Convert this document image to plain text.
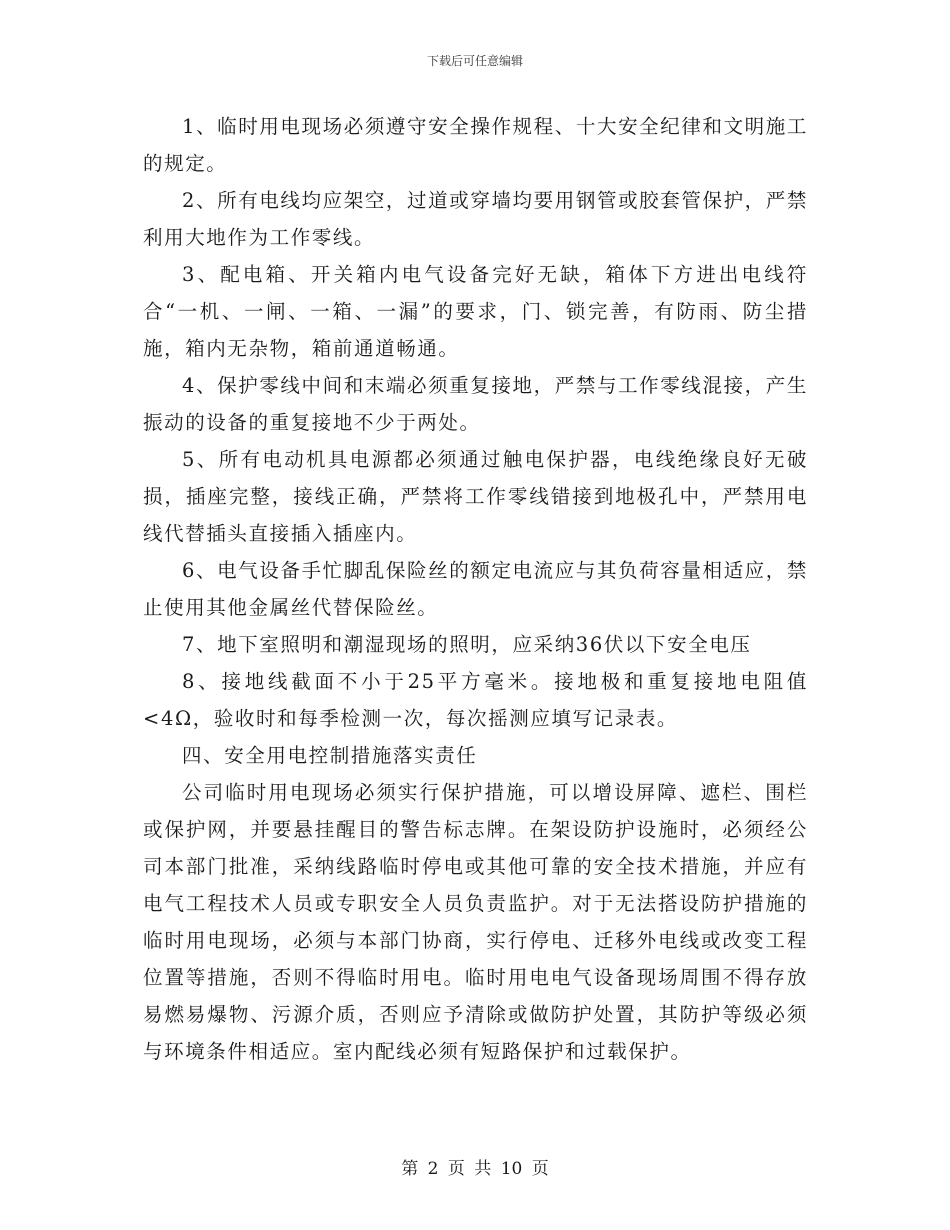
下载后可任意编辑

1、临时用电现场必须遵守安全操作规程、十大安全纪律和文明施工的规定。

2、所有电线均应架空，过道或穿墙均要用钢管或胶套管保护，严禁利用大地作为工作零线。

3、配电箱、开关箱内电气设备完好无缺，箱体下方进出电线符合“一机、一闸、一箱、一漏”的要求，门、锁完善，有防雨、防尘措施，箱内无杂物，箱前通道畅通。

4、保护零线中间和末端必须重复接地，严禁与工作零线混接，产生振动的设备的重复接地不少于两处。

5、所有电动机具电源都必须通过触电保护器，电线绝缘良好无破损，插座完整，接线正确，严禁将工作零线错接到地极孔中，严禁用电线代替插头直接插入插座内。

6、电气设备手忙脚乱保险丝的额定电流应与其负荷容量相适应，禁止使用其他金属丝代替保险丝。

7、地下室照明和潮湿现场的照明，应采纳36伏以下安全电压

8、接地线截面不小于25平方毫米。接地极和重复接地电阻值<4Ω，验收时和每季检测一次，每次摇测应填写记录表。

四、安全用电控制措施落实责任

公司临时用电现场必须实行保护措施，可以增设屏障、遮栏、围栏或保护网，并要悬挂醒目的警告标志牌。在架设防护设施时，必须经公司本部门批准，采纳线路临时停电或其他可靠的安全技术措施，并应有电气工程技术人员或专职安全人员负责监护。对于无法搭设防护措施的临时用电现场，必须与本部门协商，实行停电、迁移外电线或改变工程位置等措施，否则不得临时用电。临时用电电气设备现场周围不得存放易燃易爆物、污源介质，否则应予清除或做防护处置，其防护等级必须与环境条件相适应。室内配线必须有短路保护和过载保护。

第 2 页 共 10 页
